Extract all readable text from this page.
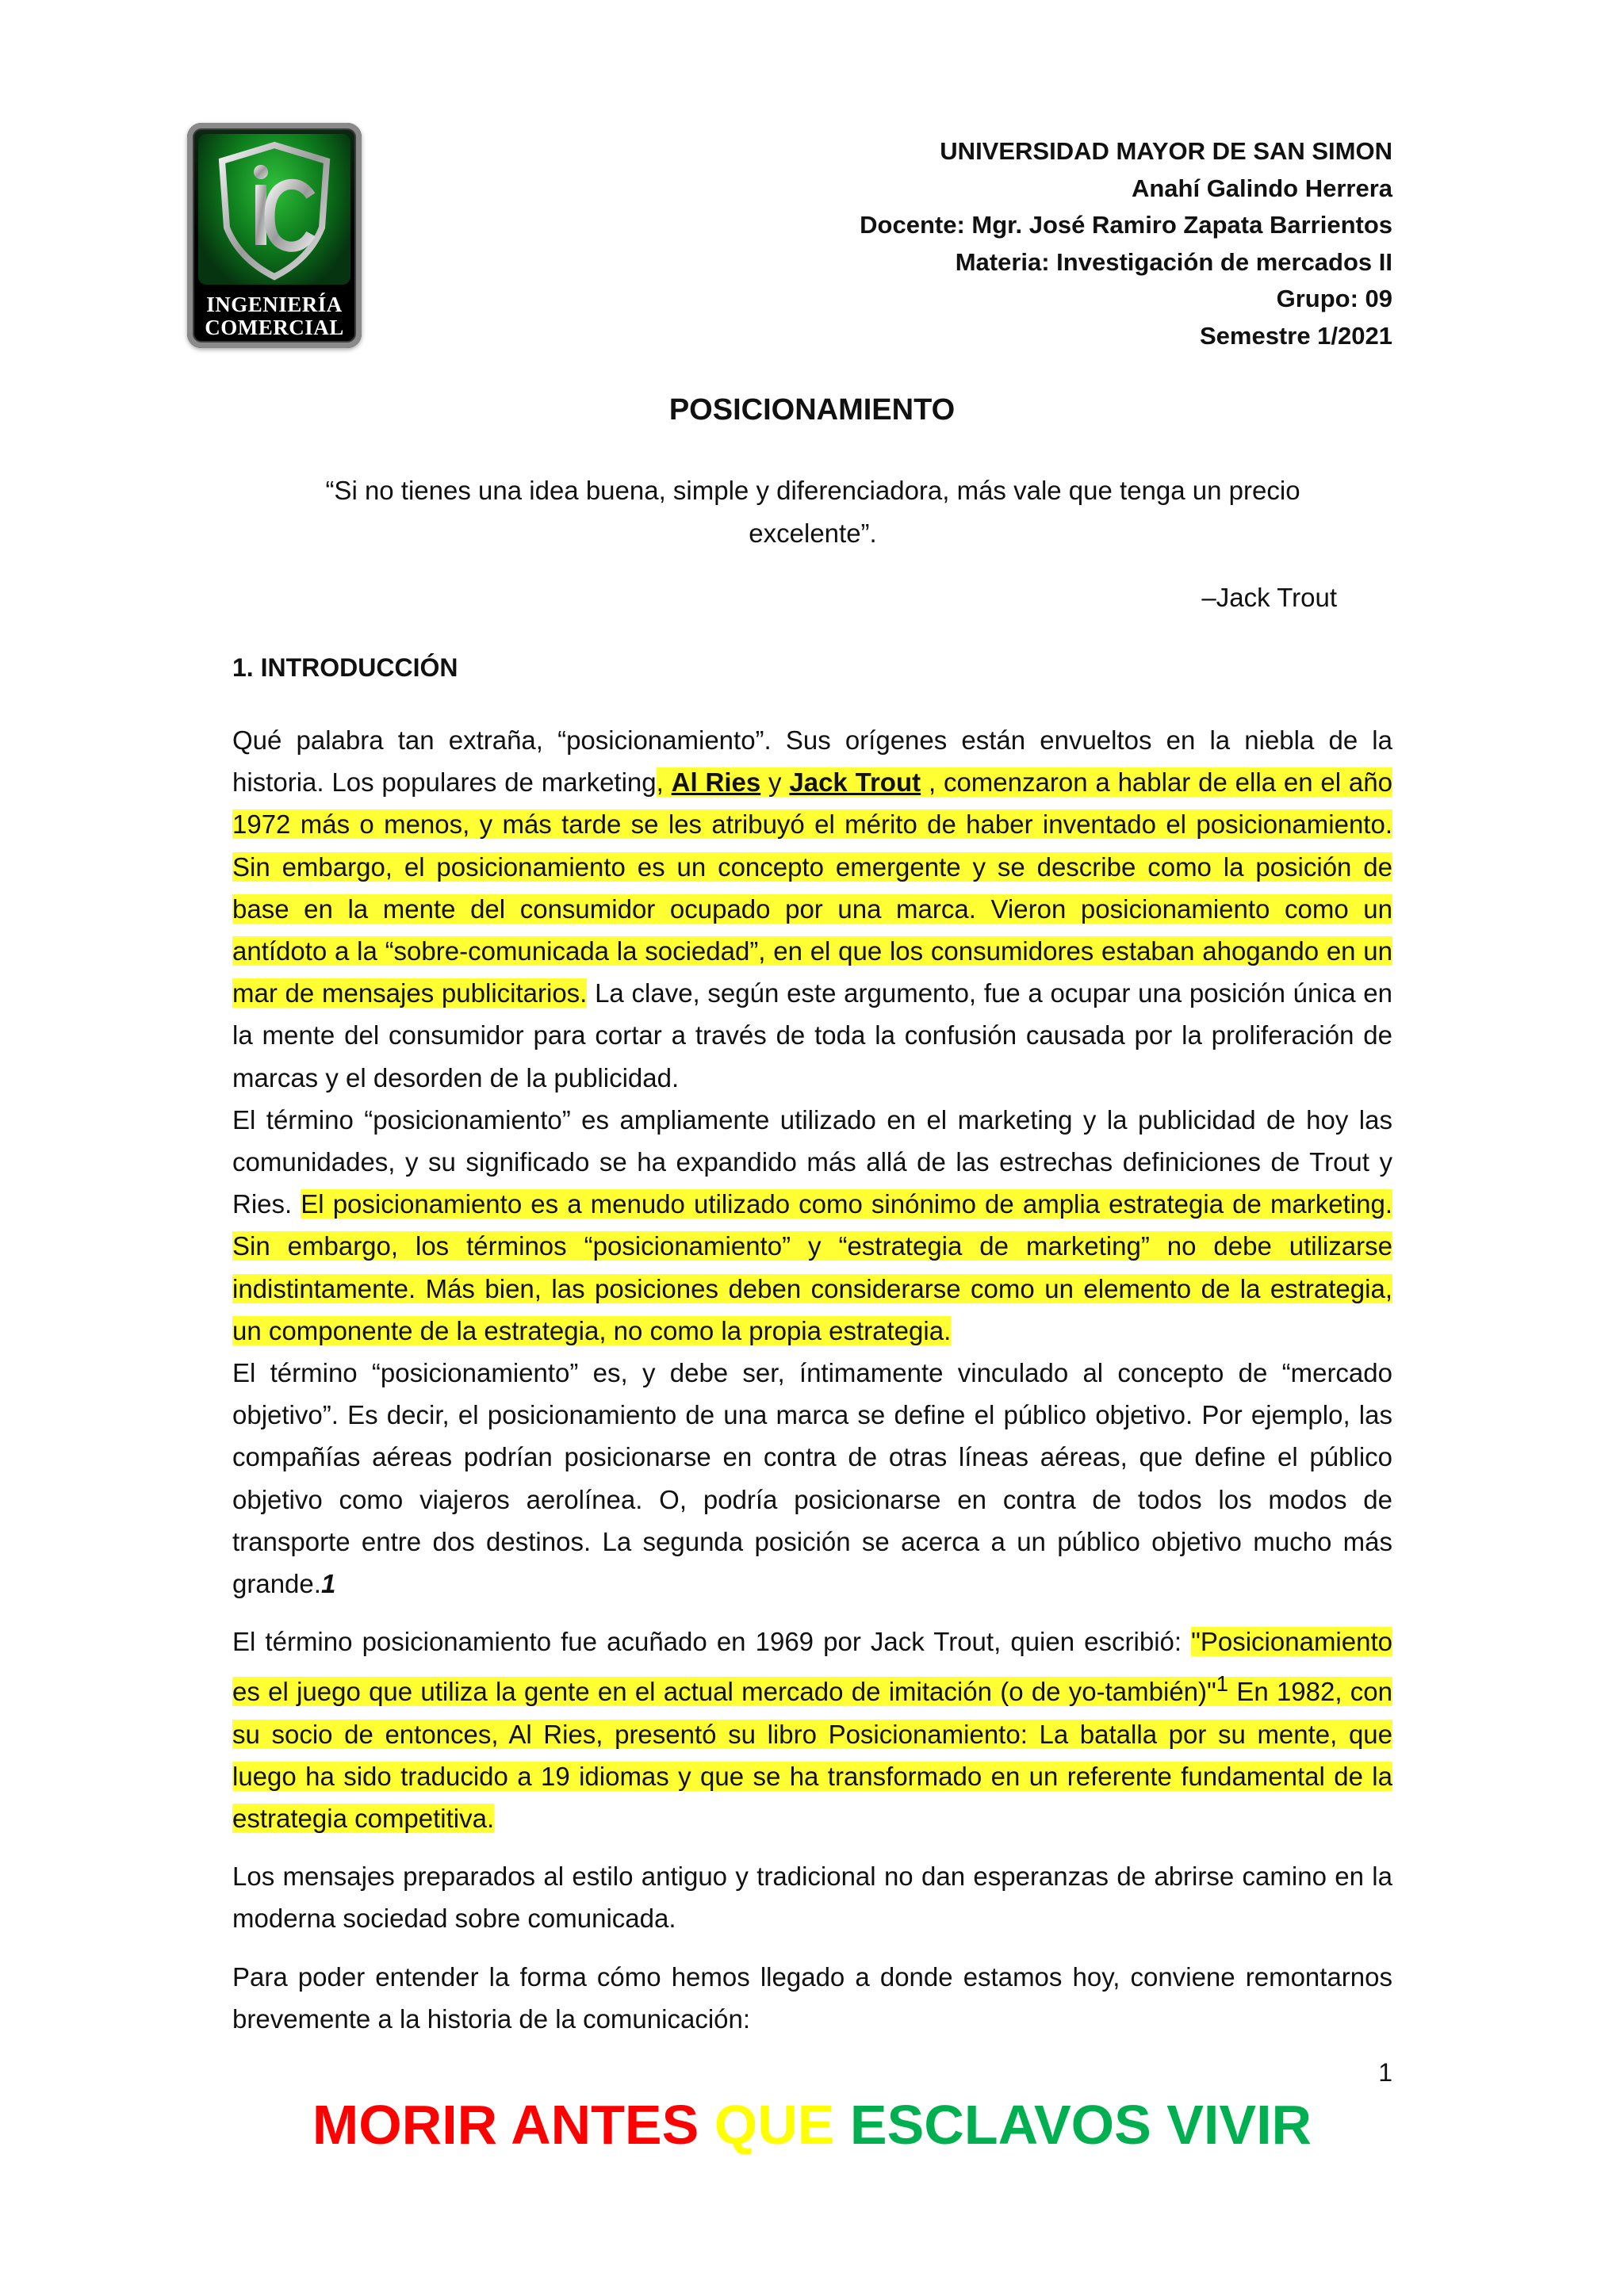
INGENIERÍA
COMERCIAL
UNIVERSIDAD MAYOR DE SAN SIMON
Anahí Galindo Herrera
Docente: Mgr. José Ramiro Zapata Barrientos
Materia: Investigación de mercados II
Grupo: 09
Semestre 1/2021
POSICIONAMIENTO
“Si no tienes una idea buena, simple y diferenciadora, más vale que tenga un precio excelente”.
–Jack Trout
1. INTRODUCCIÓN

Qué palabra tan extraña, “posicionamiento”. Sus orígenes están envueltos en la niebla de la historia. Los populares de marketing, Al Ries y Jack Trout , comenzaron a hablar de ella en el año 1972 más o menos, y más tarde se les atribuyó el mérito de haber inventado el posicionamiento. Sin embargo, el posicionamiento es un concepto emergente y se describe como la posición de base en la mente del consumidor ocupado por una marca. Vieron posicionamiento como un antídoto a la “sobre-comunicada la sociedad”, en el que los consumidores estaban ahogando en un mar de mensajes publicitarios. La clave, según este argumento, fue a ocupar una posición única en la mente del consumidor para cortar a través de toda la confusión causada por la proliferación de marcas y el desorden de la publicidad.

El término “posicionamiento” es ampliamente utilizado en el marketing y la publicidad de hoy las comunidades, y su significado se ha expandido más allá de las estrechas definiciones de Trout y Ries. El posicionamiento es a menudo utilizado como sinónimo de amplia estrategia de marketing. Sin embargo, los términos “posicionamiento” y “estrategia de marketing” no debe utilizarse indistintamente. Más bien, las posiciones deben considerarse como un elemento de la estrategia, un componente de la estrategia, no como la propia estrategia.

El término “posicionamiento” es, y debe ser, íntimamente vinculado al concepto de “mercado objetivo”. Es decir, el posicionamiento de una marca se define el público objetivo. Por ejemplo, las compañías aéreas podrían posicionarse en contra de otras líneas aéreas, que define el público objetivo como viajeros aerolínea. O, podría posicionarse en contra de todos los modos de transporte entre dos destinos. La segunda posición se acerca a un público objetivo mucho más grande.1

El término posicionamiento fue acuñado en 1969 por Jack Trout, quien escribió: "Posicionamiento es el juego que utiliza la gente en el actual mercado de imitación (o de yo-también)"$^1$ En 1982, con su socio de entonces, Al Ries, presentó su libro Posicionamiento: La batalla por su mente, que luego ha sido traducido a 19 idiomas y que se ha transformado en un referente fundamental de la estrategia competitiva.

Los mensajes preparados al estilo antiguo y tradicional no dan esperanzas de abrirse camino en la moderna sociedad sobre comunicada.

Para poder entender la forma cómo hemos llegado a donde estamos hoy, conviene remontarnos brevemente a la historia de la comunicación:

1
MORIR ANTES QUE ESCLAVOS VIVIR
